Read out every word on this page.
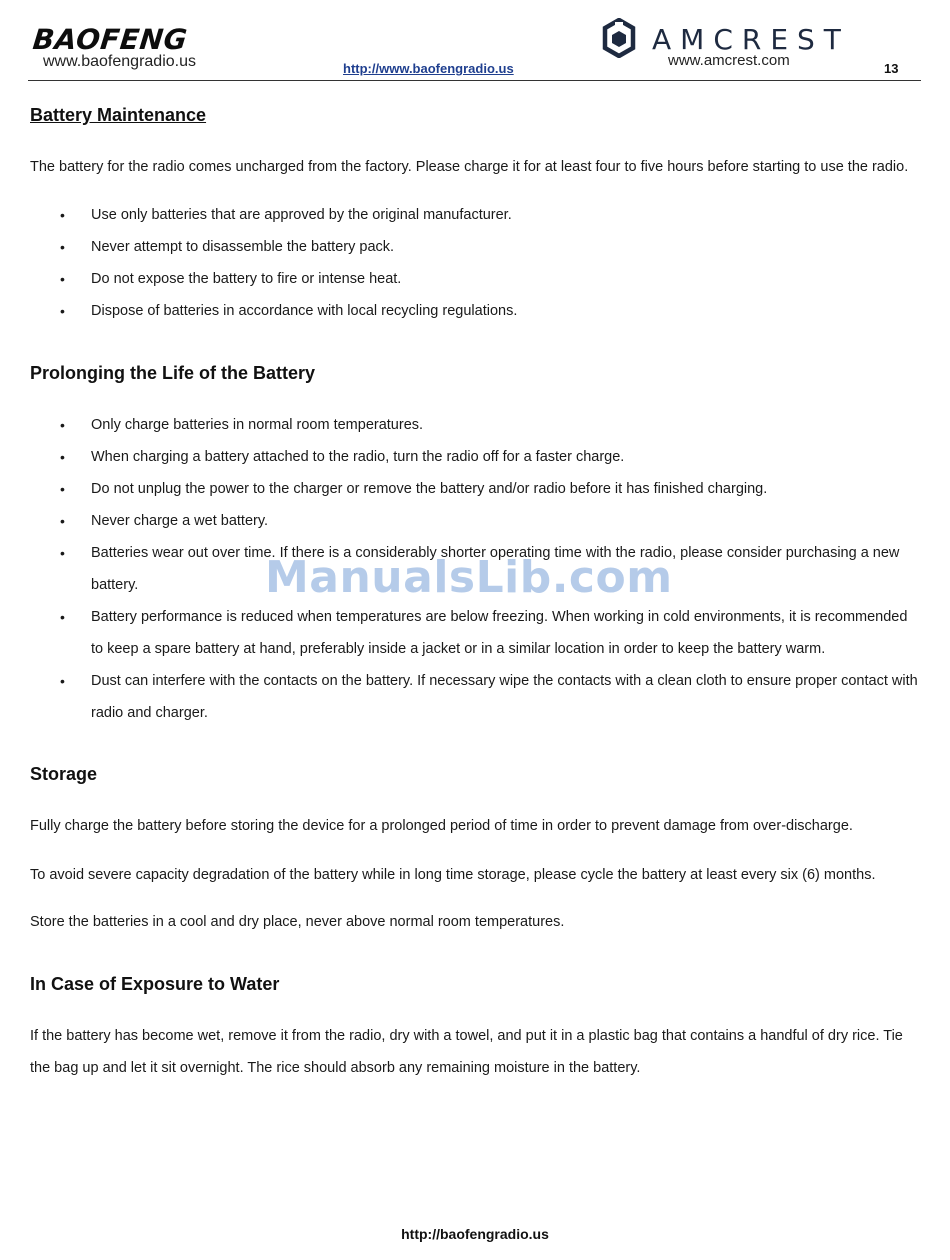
BAOFENG
www.baofengradio.us	http://www.baofengradio.us
AMCREST
www.amcrest.com	13
Battery Maintenance

The battery for the radio comes uncharged from the factory. Please charge it for at least four to five hours before starting to use the radio.

• Use only batteries that are approved by the original manufacturer.
• Never attempt to disassemble the battery pack.
• Do not expose the battery to fire or intense heat.
• Dispose of batteries in accordance with local recycling regulations.
Prolonging the Life of the Battery
• Only charge batteries in normal room temperatures.
• When charging a battery attached to the radio, turn the radio off for a faster charge.
• Do not unplug the power to the charger or remove the battery and/or radio before it has finished charging.
• Never charge a wet battery.
• Batteries wear out over time. If there is a considerably shorter operating time with the radio, please consider purchasing a new battery.
• Battery performance is reduced when temperatures are below freezing. When working in cold environments, it is recommended to keep a spare battery at hand, preferably inside a jacket or in a similar location in order to keep the battery warm.
• Dust can interfere with the contacts on the battery. If necessary wipe the contacts with a clean cloth to ensure proper contact with radio and charger.
Storage

Fully charge the battery before storing the device for a prolonged period of time in order to prevent damage from over-discharge.

To avoid severe capacity degradation of the battery while in long time storage, please cycle the battery at least every six (6) months.

Store the batteries in a cool and dry place, never above normal room temperatures.

In Case of Exposure to Water

If the battery has become wet, remove it from the radio, dry with a towel, and put it in a plastic bag that contains a handful of dry rice. Tie the bag up and let it sit overnight. The rice should absorb any remaining moisture in the battery.

ManualsLib.com
http://baofengradio.us
